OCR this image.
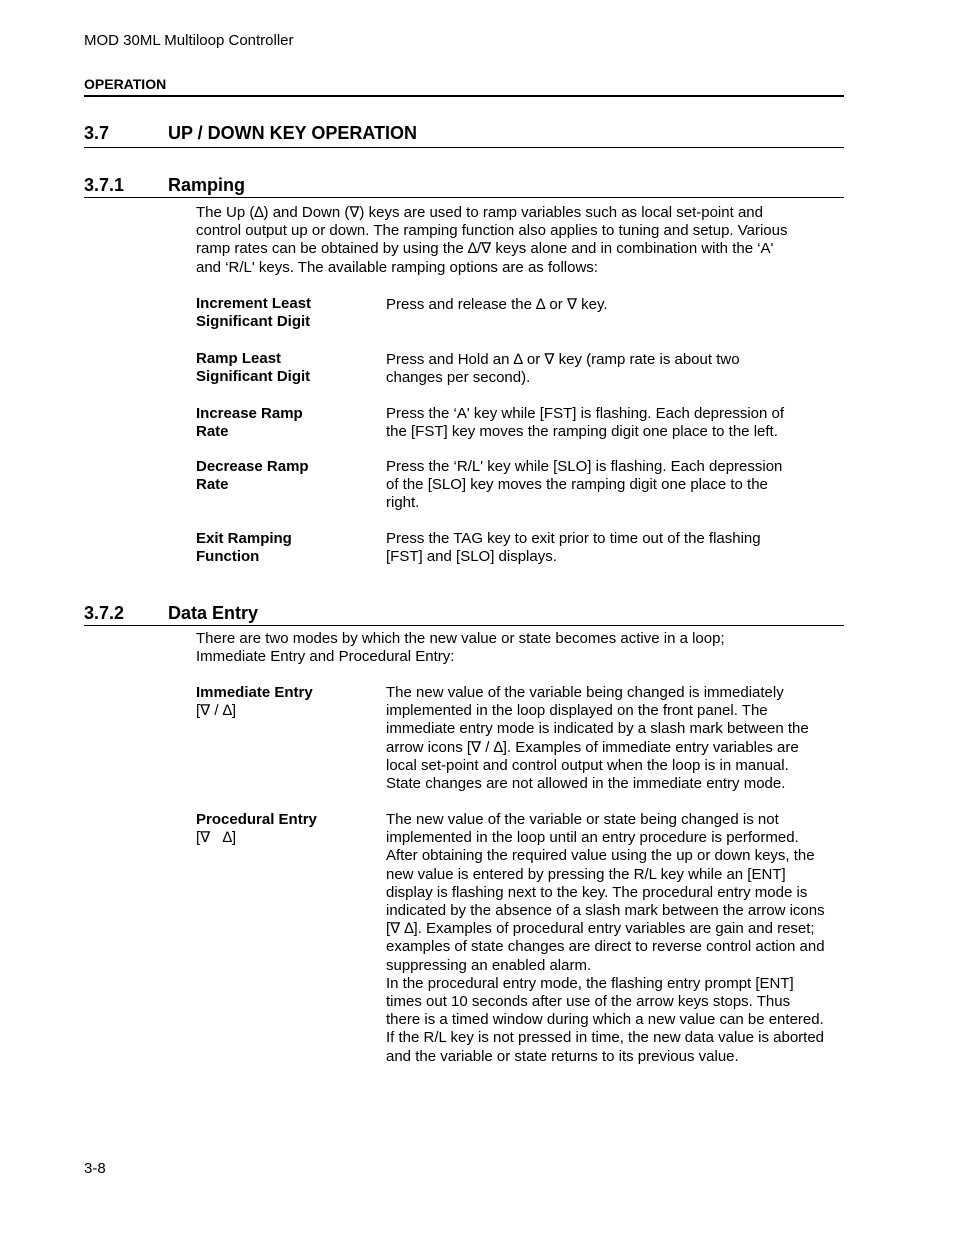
MOD 30ML Multiloop Controller
OPERATION
3.7	UP / DOWN KEY OPERATION
3.7.1 Ramping
The Up (∆) and Down (∇) keys are used to ramp variables such as local set-point and
control output up or down. The ramping function also applies to tuning and setup. Various
ramp rates can be obtained by using the ∆/∇ keys alone and in combination with the ‘A'
and ‘R/L' keys. The available ramping options are as follows:
Increment Least
Significant Digit
Press and release the ∆ or ∇ key.
Ramp Least
Significant Digit
Press and Hold an ∆ or ∇ key (ramp rate is about two
changes per second).
Increase Ramp
Rate
Press the ‘A' key while [FST] is flashing. Each depression of
the [FST] key moves the ramping digit one place to the left.
Decrease Ramp
Rate
Press the ‘R/L' key while [SLO] is flashing. Each depression
of the [SLO] key moves the ramping digit one place to the
right.
Exit Ramping
Function
Press the TAG key to exit prior to time out of the flashing
[FST] and [SLO] displays.
3.7.2 Data Entry
There are two modes by which the new value or state becomes active in a loop;
Immediate Entry and Procedural Entry:
Immediate Entry
[∇ / ∆]
The new value of the variable being changed is immediately
implemented in the loop displayed on the front panel. The
immediate entry mode is indicated by a slash mark between the
arrow icons [∇ / ∆]. Examples of immediate entry variables are
local set-point and control output when the loop is in manual.
State changes are not allowed in the immediate entry mode.
Procedural Entry
[∇   ∆]
The new value of the variable or state being changed is not
implemented in the loop until an entry procedure is performed.
After obtaining the required value using the up or down keys, the
new value is entered by pressing the R/L key while an [ENT]
display is flashing next to the key. The procedural entry mode is
indicated by the absence of a slash mark between the arrow icons
[∇ ∆]. Examples of procedural entry variables are gain and reset;
examples of state changes are direct to reverse control action and
suppressing an enabled alarm.
In the procedural entry mode, the flashing entry prompt [ENT]
times out 10 seconds after use of the arrow keys stops. Thus
there is a timed window during which a new value can be entered.
If the R/L key is not pressed in time, the new data value is aborted
and the variable or state returns to its previous value.
3-8
